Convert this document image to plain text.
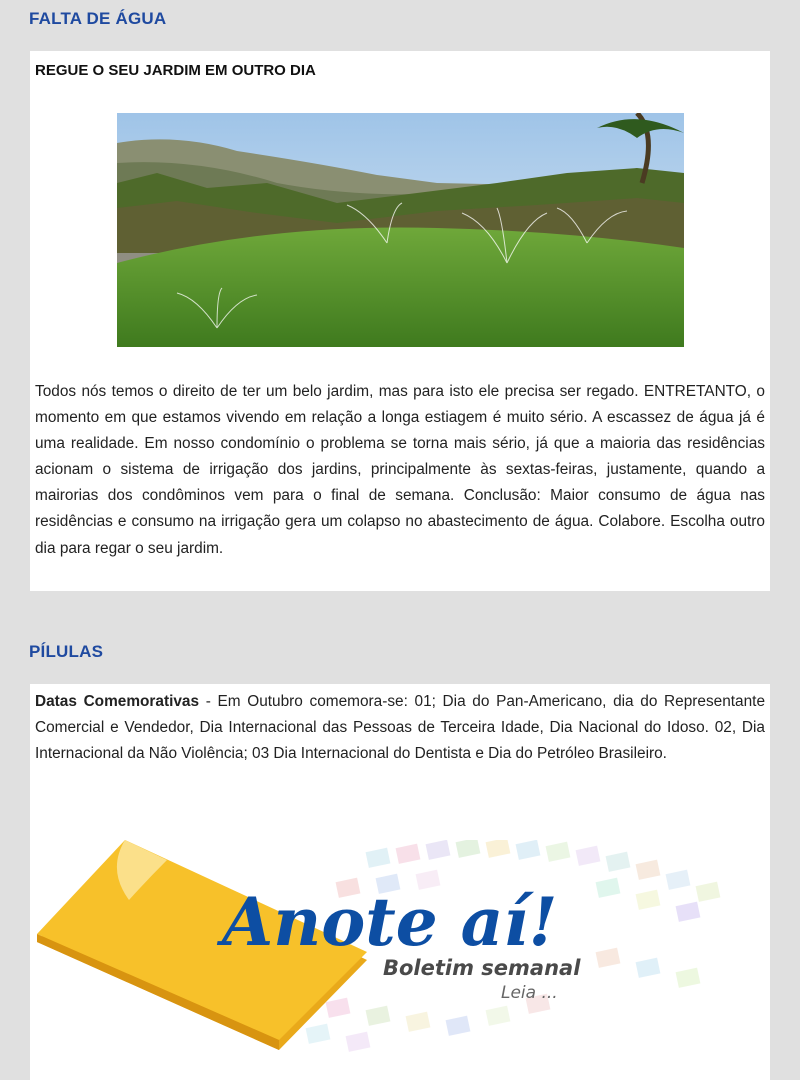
FALTA DE ÁGUA
REGUE O SEU JARDIM EM OUTRO DIA

Todos nós temos o direito de ter um belo jardim, mas para isto ele precisa ser regado. ENTRETANTO, o momento em que estamos vivendo em relação a longa estiagem é muito sério. A escassez de água já é uma realidade. Em nosso condomínio o problema se torna mais sério, já que a maioria das residências acionam o sistema de irrigação dos jardins, principalmente às sextas-feiras, justamente, quando a mairorias dos condôminos vem para o final de semana. Conclusão: Maior consumo de água nas residências e consumo na irrigação gera um colapso no abastecimento de água. Colabore. Escolha outro dia para regar o seu jardim.

PÍLULAS

Datas Comemorativas - Em Outubro comemora-se: 01; Dia do Pan-Americano, dia do Representante Comercial e Vendedor, Dia Internacional das Pessoas de Terceira Idade, Dia Nacional do Idoso. 02, Dia Internacional da Não Violência; 03 Dia Internacional do Dentista e Dia do Petróleo Brasileiro.

Anote aí!
Boletim semanal
Leia ...
